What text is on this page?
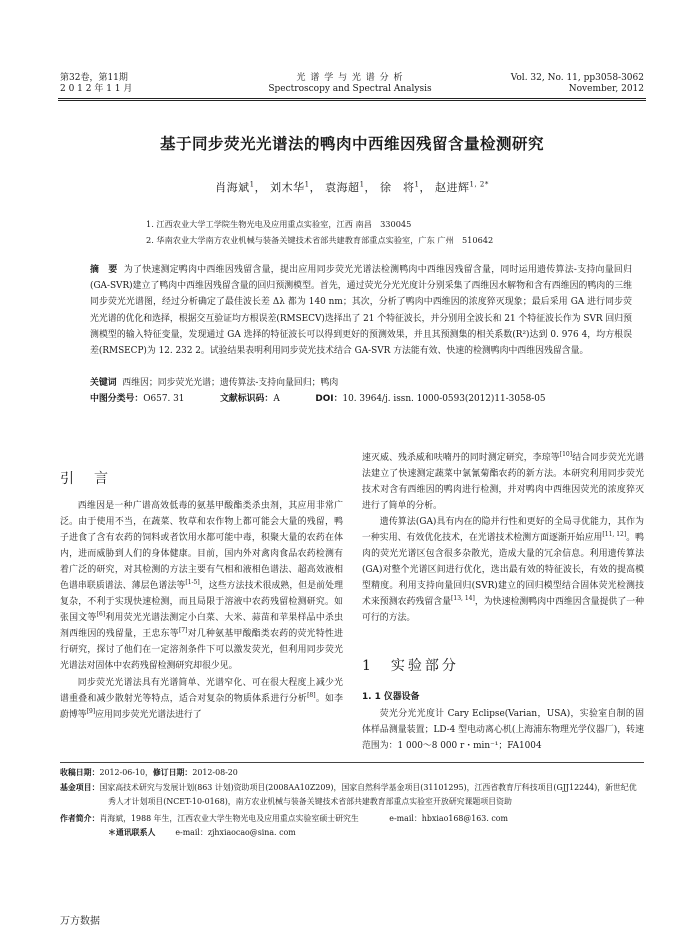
第32卷，第11期
2 0 1 2 年 1 1 月
光 谱 学 与 光 谱 分 析
Spectroscopy and Spectral Analysis
Vol. 32, No. 11, pp3058-3062
November, 2012
基于同步荧光光谱法的鸭肉中西维因残留含量检测研究
肖海斌$^1$， 刘木华$^1$， 袁海超$^1$， 徐　将$^1$， 赵进辉$^{1, 2*}$
1. 江西农业大学工学院生物光电及应用重点实验室，江西 南昌　330045
2. 华南农业大学南方农业机械与装备关键技术省部共建教育部重点实验室，广东 广州　510642
摘　要 为了快速测定鸭肉中西维因残留含量，提出应用同步荧光光谱法检测鸭肉中西维因残留含量，同时运用遗传算法-支持向量回归(GA-SVR)建立了鸭肉中西维因残留含量的回归预测模型。首先，通过荧光分光光度计分别采集了西维因水解物和含有西维因的鸭肉的三维同步荧光光谱图，经过分析确定了最佳波长差 Δλ 都为 140 nm；其次，分析了鸭肉中西维因的浓度猝灭现象；最后采用 GA 进行同步荧光光谱的优化和选择，根据交互验证均方根误差(RMSECV)选择出了 21 个特征波长，并分别用全波长和 21 个特征波长作为 SVR 回归预测模型的输入特征变量，发现通过 GA 选择的特征波长可以得到更好的预测效果，并且其预测集的相关系数(R²)达到 0. 976 4，均方根误差(RMSECP)为 12. 232 2。试验结果表明利用同步荧光技术结合 GA-SVR 方法能有效、快速的检测鸭肉中西维因残留含量。
关键词 西维因；同步荧光光谱；遗传算法-支持向量回归；鸭肉
中图分类号：O657. 31	文献标识码：A	DOI：10. 3964/j. issn. 1000-0593(2012)11-3058-05
引　言

西维因是一种广谱高效低毒的氨基甲酸酯类杀虫剂，其应用非常广泛。由于使用不当，在蔬菜、牧草和农作物上都可能会大量的残留，鸭子进食了含有农药的饲料或者饮用水都可能中毒，积聚大量的农药在体内，进而威胁到人们的身体健康。目前，国内外对禽肉食品农药检测有着广泛的研究，对其检测的方法主要有气相和液相色谱法、超高效液相色谱串联质谱法、薄层色谱法等[1-5]，这些方法技术很成熟，但是前处理复杂，不利于实现快速检测，而且局限于溶液中农药残留检测研究。如张国文等[6]利用荧光光谱法测定小白菜、大米、蒜苗和苹果样品中杀虫剂西维因的残留量，王忠东等[7]对几种氨基甲酸酯类农药的荧光特性进行研究，探讨了他们在一定溶剂条件下可以激发荧光，但利用同步荧光光谱法对固体中农药残留检测研究却很少见。

同步荧光光谱法具有光谱简单、光谱窄化、可在很大程度上减少光谱重叠和减少散射光等特点，适合对复杂的物质体系进行分析[8]。如李蔚博等[9]应用同步荧光光谱法进行了

速灭威、残杀威和呋喃丹的同时测定研究，李琼等[10]结合同步荧光光谱法建立了快速测定蔬菜中氯氰菊酯农药的新方法。本研究利用同步荧光技术对含有西维因的鸭肉进行检测，并对鸭肉中西维因荧光的浓度猝灭进行了简单的分析。

遗传算法(GA)具有内在的隐并行性和更好的全局寻优能力，其作为一种实用、有效优化技术，在光谱技术检测方面逐渐开始应用[11, 12]。鸭肉的荧光光谱区包含很多杂散光，造成大量的冗余信息。利用遗传算法(GA)对整个光谱区间进行优化，选出最有效的特征波长，有效的提高模型精度。利用支持向量回归(SVR)建立的回归模型结合固体荧光检测技术来预测农药残留含量[13, 14]，为快速检测鸭肉中西维因含量提供了一种可行的方法。

1　实验部分
1. 1 仪器设备

荧光分光光度计 Cary Eclipse(Varian，USA)，实验室自制的固体样品测量装置；LD-4 型电动离心机(上海浦东物理光学仪器厂)，转速范围为：1 000～8 000 r・min⁻¹；FA1004

收稿日期：2012-06-10，修订日期：2012-08-20
基金项目：国家高技术研究与发展计划(863 计划)资助项目(2008AA10Z209)，国家自然科学基金项目(31101295)，江西省教育厅科技项目(GJJ12244)，新世纪优秀人才计划项目(NCET-10-0168)，南方农业机械与装备关键技术省部共建教育部重点实验室开放研究课题项目资助
作者简介：肖海斌，1988 年生，江西农业大学生物光电及应用重点实验室硕士研究生	e-mail：hbxiao168@163. com
＊通讯联系人	e-mail：zjhxiaocao@sina. com
万方数据
